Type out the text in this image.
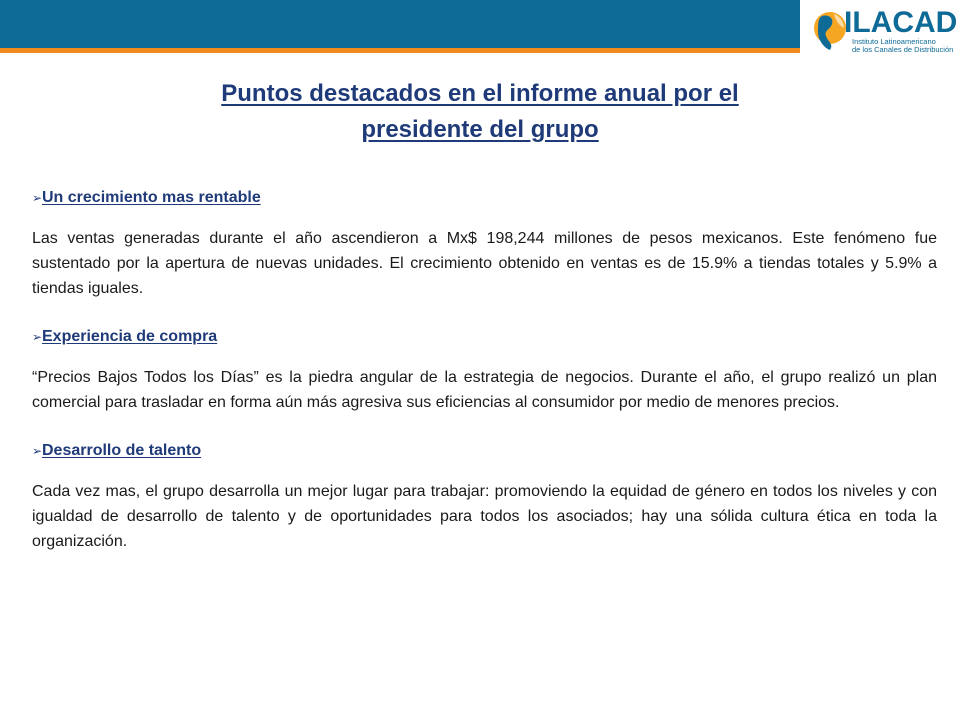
ILACAD
Instituto Latinoamericano
de los Canales de Distribución
Puntos destacados en el informe anual por el
presidente del grupo
➢ Un crecimiento mas rentable
Las ventas generadas durante el año ascendieron a Mx$ 198,244 millones de pesos mexicanos. Este fenómeno fue sustentado por la apertura de nuevas unidades. El crecimiento obtenido en ventas es de 15.9% a tiendas totales y 5.9% a tiendas iguales.
➢ Experiencia de compra
“Precios Bajos Todos los Días” es la piedra angular de la estrategia de negocios. Durante el año, el grupo realizó un plan comercial para trasladar en forma aún más agresiva sus eficiencias al consumidor por medio de menores precios.
➢ Desarrollo de talento
Cada vez mas, el grupo desarrolla un mejor lugar para trabajar: promoviendo la equidad de género en todos los niveles y con igualdad de desarrollo de talento y de oportunidades para todos los asociados; hay una sólida cultura ética en toda la organización.
